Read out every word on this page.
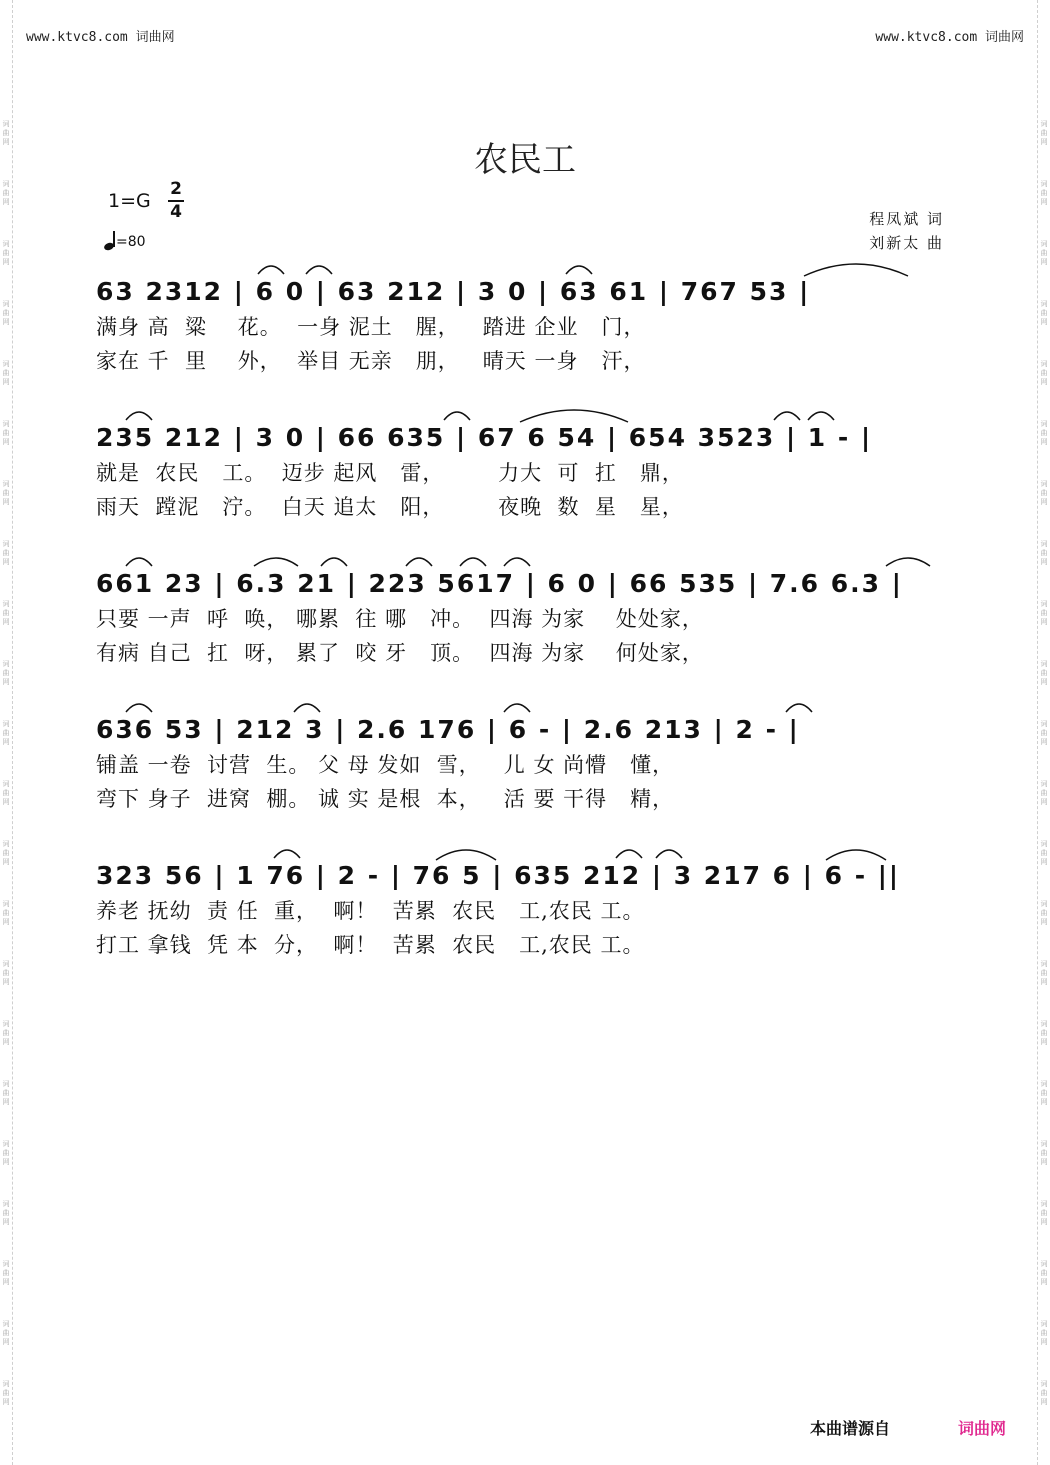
词
曲
网
词
曲
网
词
曲
网
词
曲
网
词
曲
网
词
曲
网
词
曲
网
词
曲
网
词
曲
网
词
曲
网
词
曲
网
词
曲
网
词
曲
网
词
曲
网
词
曲
网
词
曲
网
词
曲
网
词
曲
网
词
曲
网
词
曲
网
词
曲
网
词
曲
网
词
曲
网
词
曲
网
词
曲
网
词
曲
网
词
曲
网
词
曲
网
词
曲
网
词
曲
网
词
曲
网
词
曲
网
词
曲
网
词
曲
网
词
曲
网
词
曲
网
词
曲
网
词
曲
网
词
曲
网
词
曲
网
词
曲
网
词
曲
网
词
曲
网
词
曲
网
www.ktvc8.com 词曲网	www.ktvc8.com 词曲网
农民工
1=G
2
4
=80
程凤斌 词
刘新太 曲
63 2312 | 6 0 | 63 212 | 3 0 | 63 61 | 767 53 |
满身 高  粱    花。  一身 泥土   腥，   踏进 企业   门，
家在 千  里    外，  举目 无亲   朋，   晴天 一身   汗，
235 212 | 3 0 | 66 635 | 67 6 54 | 654 3523 | 1 - |
就是  农民   工。  迈步 起风   雷，       力大  可  扛   鼎，
雨天  蹚泥   泞。  白天 追太   阳，       夜晚  数  星   星，
661 23 | 6.3 21 | 223 5617 | 6 0 | 66 535 | 7.6 6.3 |
只要 一声  呼  唤， 哪累  往 哪   冲。  四海 为家    处处家，
有病 自己  扛  呀， 累了  咬 牙   顶。  四海 为家    何处家，
636 53 | 212 3 | 2.6 176 | 6 - | 2.6 213 | 2 - |
铺盖 一卷  讨营  生。 父 母 发如  雪，   儿 女 尚懵   懂，
弯下 身子  进窝  棚。 诚 实 是根  本，   活 要 干得   精，
323 56 | 1 76 | 2 - | 76 5 | 635 212 | 3 217 6 | 6 - ||
养老 抚幼  责 任  重，  啊！  苦累  农民   工,农民 工。
打工 拿钱  凭 本  分，  啊！  苦累  农民   工,农民 工。
本曲谱源自	词曲网
